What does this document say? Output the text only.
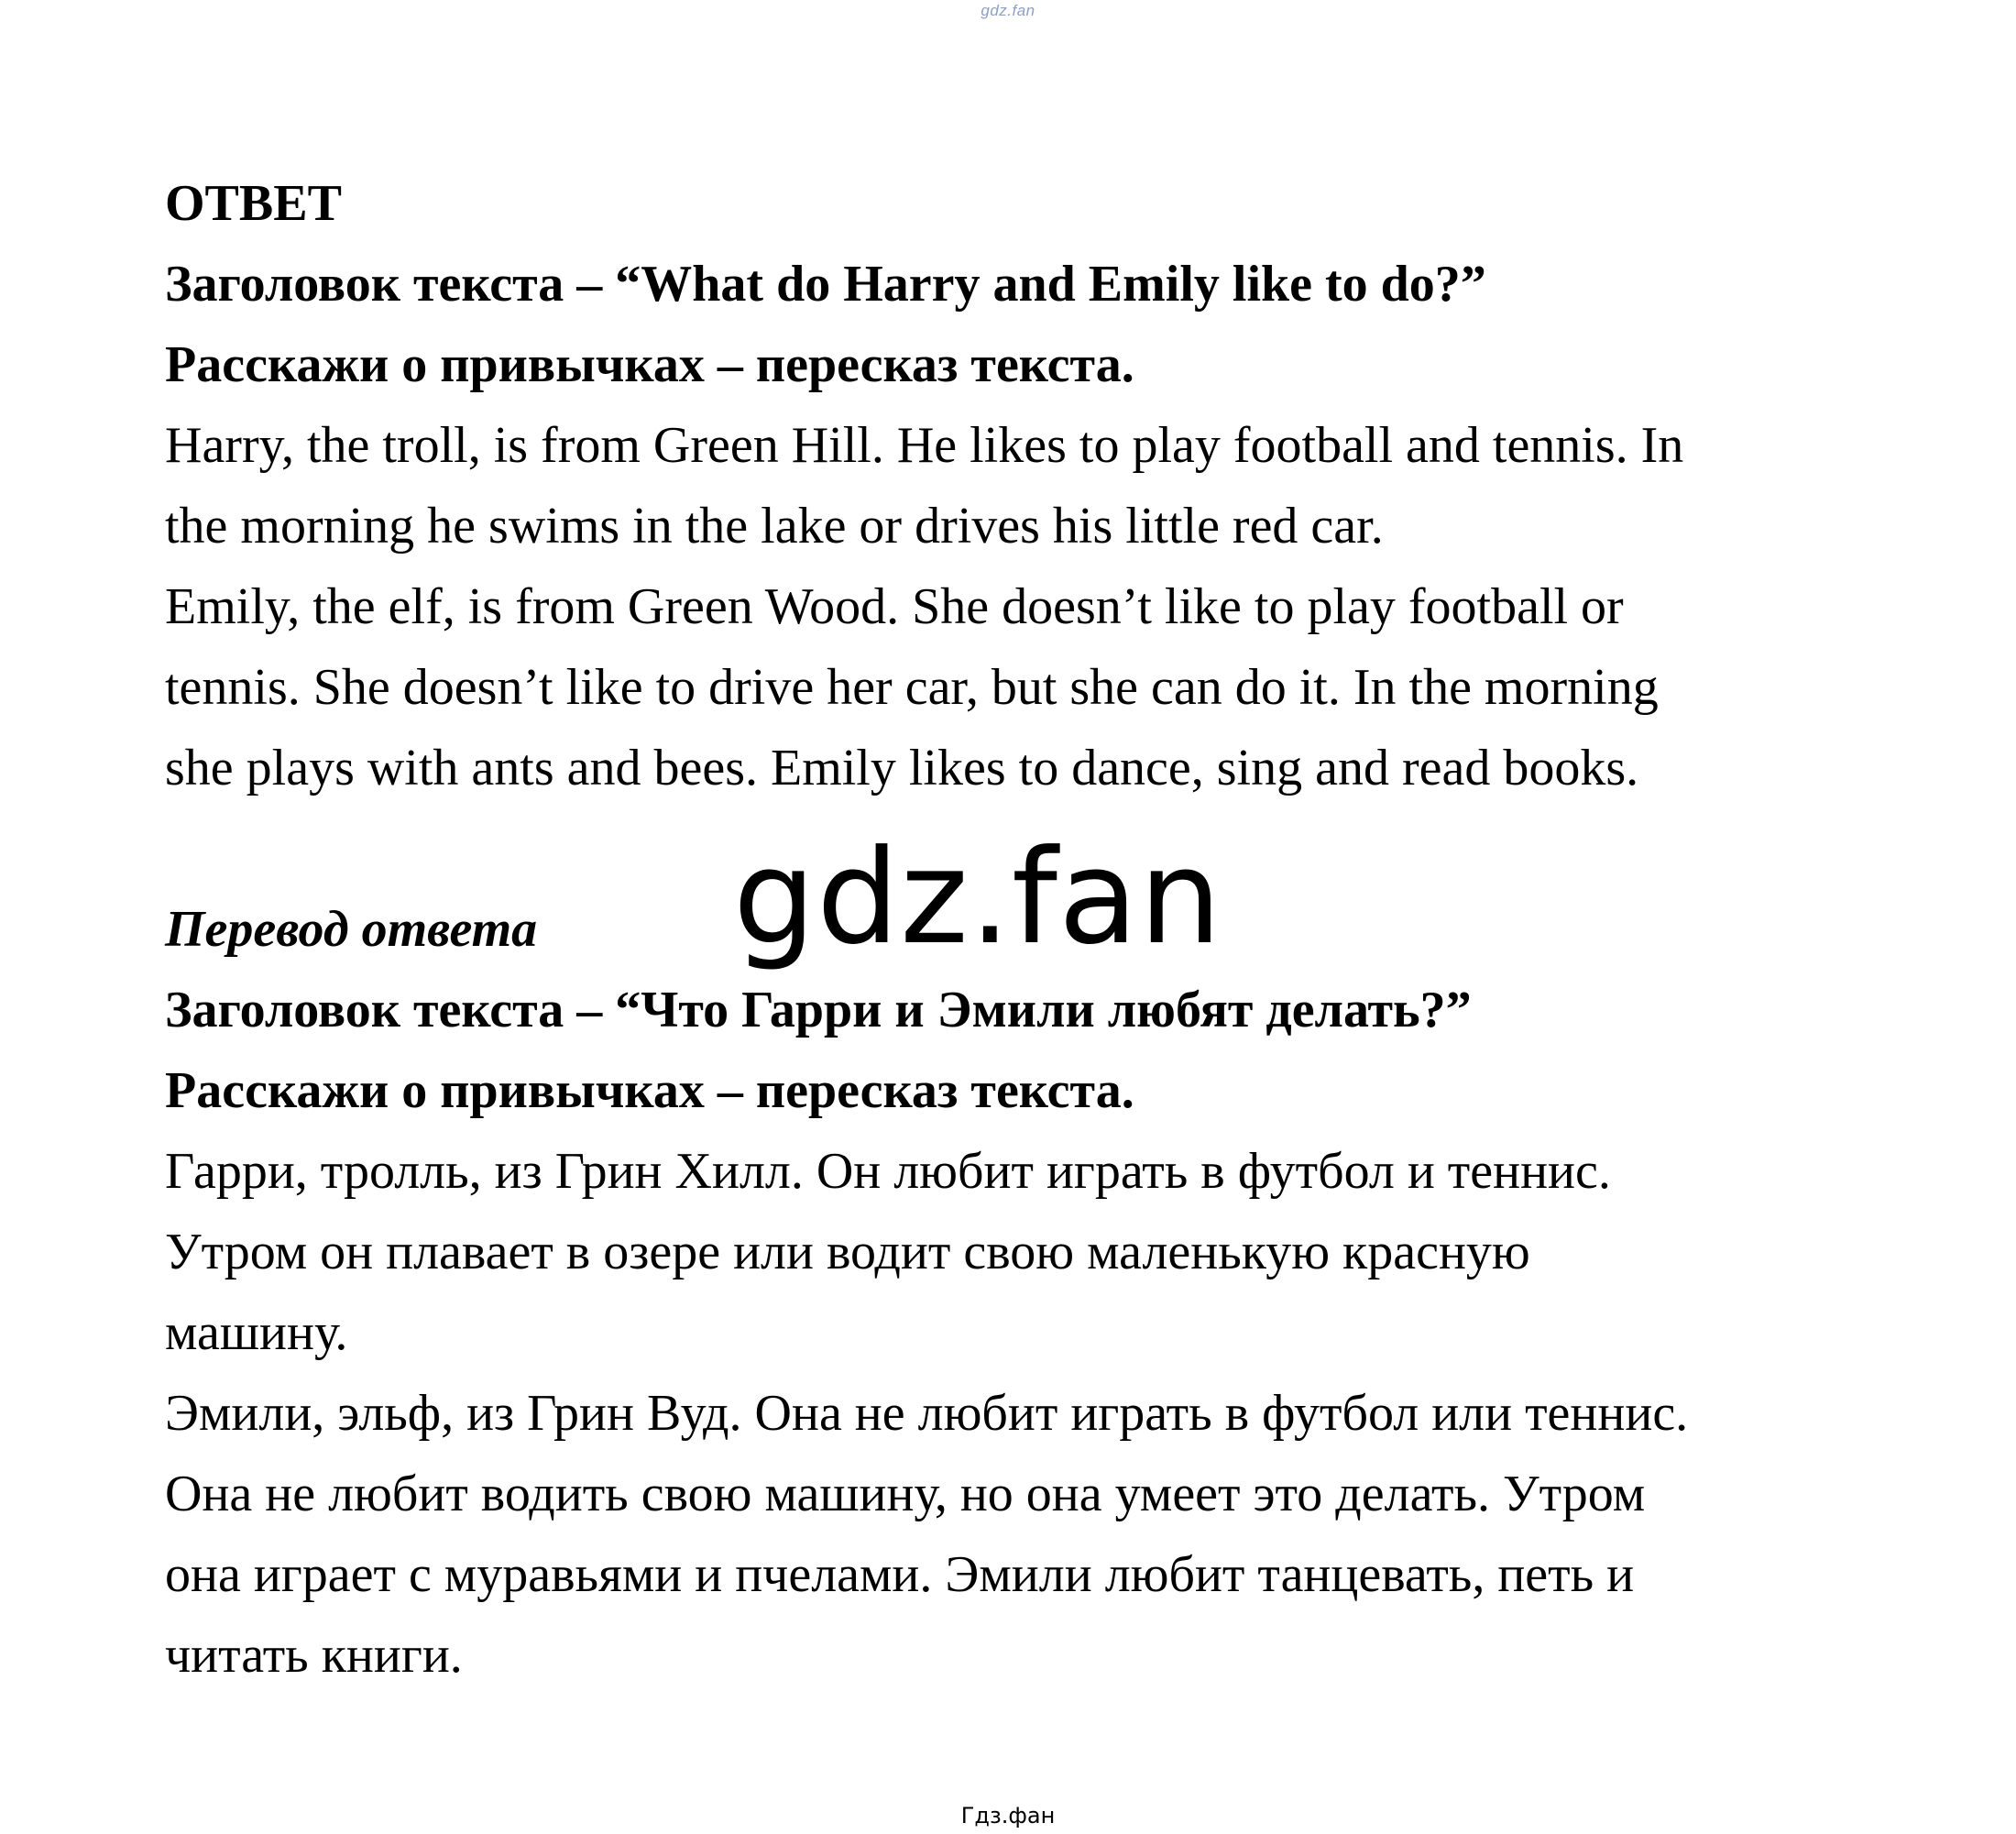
gdz.fan
ОТВЕТ
Заголовок текста – “What do Harry and Emily like to do?”
Расскажи о привычках – пересказ текста.
Harry, the troll, is from Green Hill. He likes to play football and tennis. In
the morning he swims in the lake or drives his little red car.
Emily, the elf, is from Green Wood. She doesn’t like to play football or
tennis. She doesn’t like to drive her car, but she can do it. In the morning
she plays with ants and bees. Emily likes to dance, sing and read books.
Перевод ответа
Заголовок текста – “Что Гарри и Эмили любят делать?”
Расскажи о привычках – пересказ текста.
Гарри, тролль, из Грин Хилл. Он любит играть в футбол и теннис.
Утром он плавает в озере или водит свою маленькую красную
машину.
Эмили, эльф, из Грин Вуд. Она не любит играть в футбол или теннис.
Она не любит водить свою машину, но она умеет это делать. Утром
она играет с муравьями и пчелами. Эмили любит танцевать, петь и
читать книги.
gdz.fan
Гдз.фан
